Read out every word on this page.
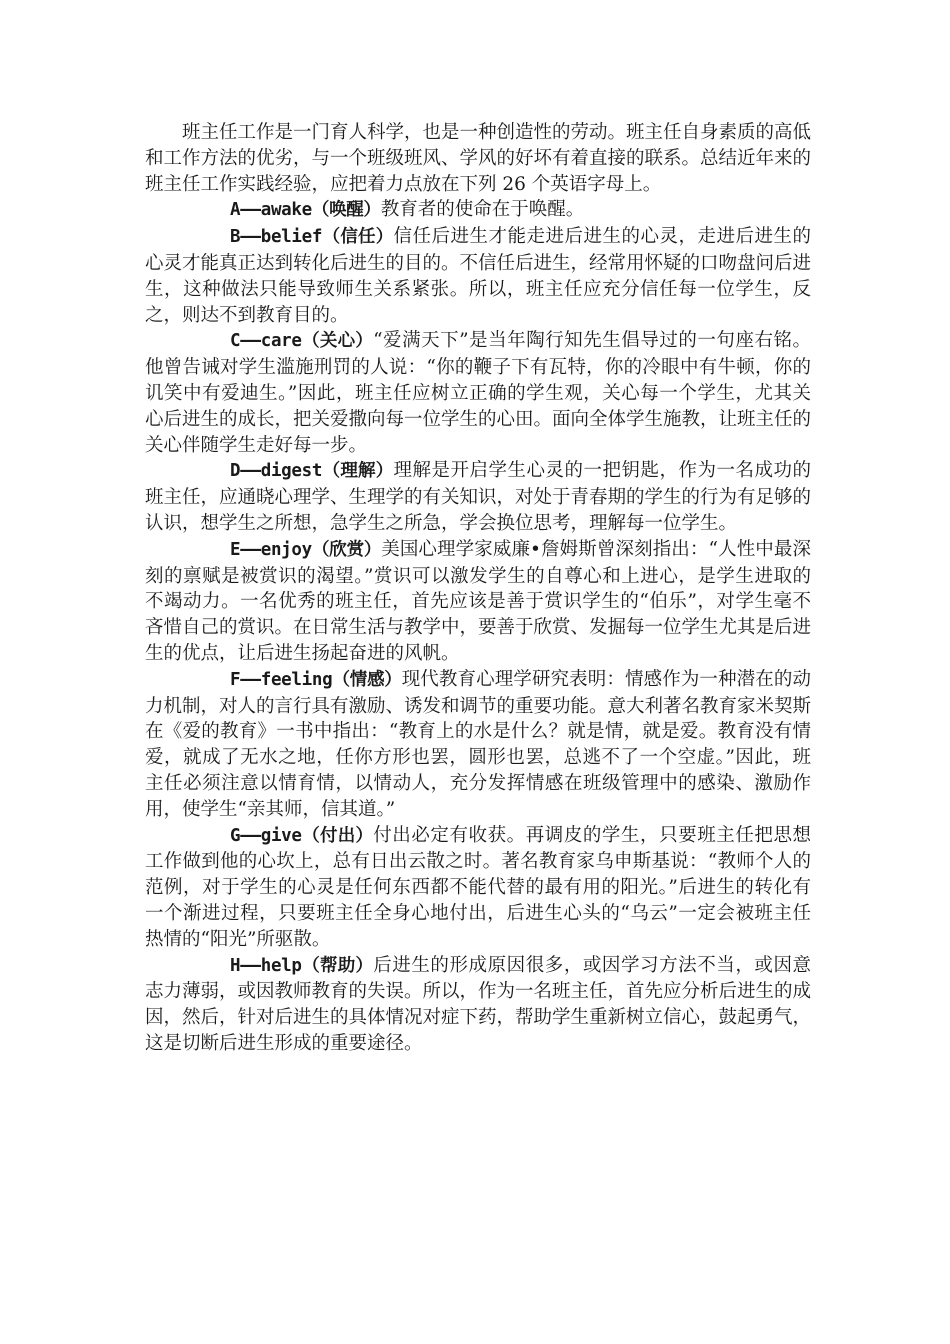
班主任工作是一门育人科学，也是一种创造性的劳动。班主任自身素质的高低和工作方法的优劣，与一个班级班风、学风的好坏有着直接的联系。总结近年来的班主任工作实践经验，应把着力点放在下列 26 个英语字母上。

A——awake（唤醒）教育者的使命在于唤醒。

B——belief（信任）信任后进生才能走进后进生的心灵，走进后进生的心灵才能真正达到转化后进生的目的。不信任后进生，经常用怀疑的口吻盘问后进生，这种做法只能导致师生关系紧张。所以，班主任应充分信任每一位学生，反之，则达不到教育目的。

C——care（关心）“爱满天下”是当年陶行知先生倡导过的一句座右铭。他曾告诫对学生滥施刑罚的人说：“你的鞭子下有瓦特，你的冷眼中有牛顿，你的讥笑中有爱迪生。”因此，班主任应树立正确的学生观，关心每一个学生，尤其关心后进生的成长，把关爱撒向每一位学生的心田。面向全体学生施教，让班主任的关心伴随学生走好每一步。

D——digest（理解）理解是开启学生心灵的一把钥匙，作为一名成功的班主任，应通晓心理学、生理学的有关知识，对处于青春期的学生的行为有足够的认识，想学生之所想，急学生之所急，学会换位思考，理解每一位学生。

E——enjoy（欣赏）美国心理学家威廉•詹姆斯曾深刻指出：“人性中最深刻的禀赋是被赏识的渴望。”赏识可以激发学生的自尊心和上进心，是学生进取的不竭动力。一名优秀的班主任，首先应该是善于赏识学生的“伯乐”，对学生毫不吝惜自己的赏识。在日常生活与教学中，要善于欣赏、发掘每一位学生尤其是后进生的优点，让后进生扬起奋进的风帆。

F——feeling（情感）现代教育心理学研究表明：情感作为一种潜在的动力机制，对人的言行具有激励、诱发和调节的重要功能。意大利著名教育家米契斯在《爱的教育》一书中指出：“教育上的水是什么？就是情，就是爱。教育没有情爱，就成了无水之地，任你方形也罢，圆形也罢，总逃不了一个空虚。”因此，班主任必须注意以情育情，以情动人，充分发挥情感在班级管理中的感染、激励作用，使学生“亲其师，信其道。”

G——give（付出）付出必定有收获。再调皮的学生，只要班主任把思想工作做到他的心坎上，总有日出云散之时。著名教育家乌申斯基说：“教师个人的范例，对于学生的心灵是任何东西都不能代替的最有用的阳光。”后进生的转化有一个渐进过程，只要班主任全身心地付出，后进生心头的“乌云”一定会被班主任热情的“阳光”所驱散。

H——help（帮助）后进生的形成原因很多，或因学习方法不当，或因意志力薄弱，或因教师教育的失误。所以，作为一名班主任，首先应分析后进生的成因，然后，针对后进生的具体情况对症下药，帮助学生重新树立信心，鼓起勇气，这是切断后进生形成的重要途径。
